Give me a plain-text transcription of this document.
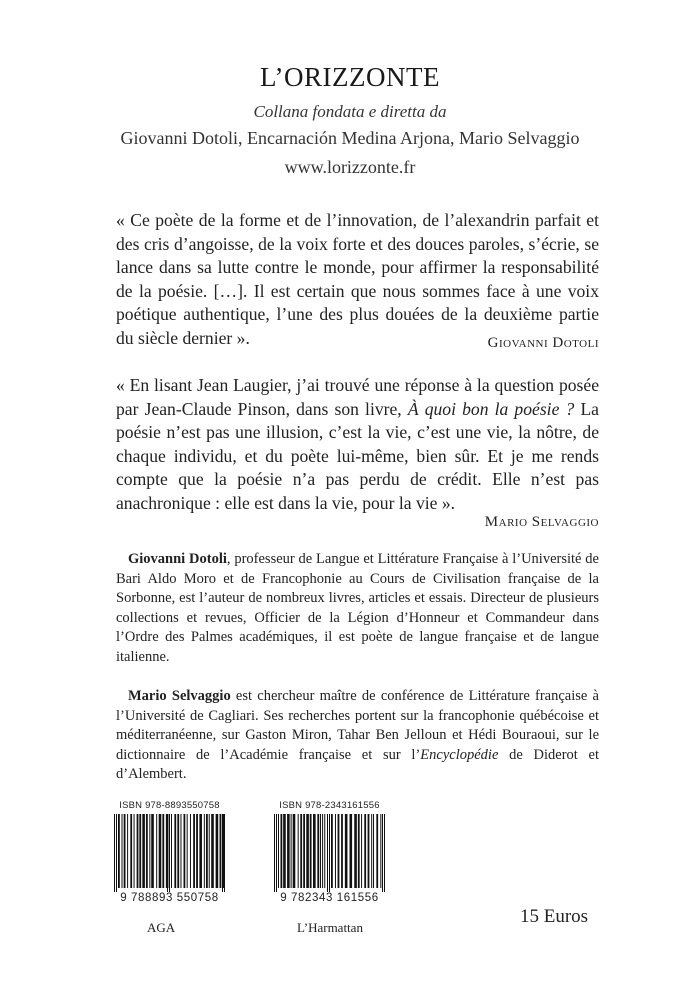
L’ORIZZONTE
Collana fondata e diretta da
Giovanni Dotoli, Encarnación Medina Arjona, Mario Selvaggio
www.lorizzonte.fr
« Ce poète de la forme et de l’innovation, de l’alexandrin parfait et des cris d’angoisse, de la voix forte et des douces paroles, s’écrie, se lance dans sa lutte contre le monde, pour affirmer la responsabilité de la poésie. […]. Il est certain que nous sommes face à une voix poétique authentique, l’une des plus douées de la deuxième partie du siècle dernier ».	Giovanni Dotoli
« En lisant Jean Laugier, j’ai trouvé une réponse à la question posée par Jean-Claude Pinson, dans son livre, À quoi bon la poésie ? La poésie n’est pas une illusion, c’est la vie, c’est une vie, la nôtre, de chaque individu, et du poète lui-même, bien sûr. Et je me rends compte que la poésie n’a pas perdu de crédit. Elle n’est pas anachronique : elle est dans la vie, pour la vie ».
Mario Selvaggio
Giovanni Dotoli, professeur de Langue et Littérature Française à l’Université de Bari Aldo Moro et de Francophonie au Cours de Civilisation française de la Sorbonne, est l’auteur de nombreux livres, articles et essais. Directeur de plusieurs collections et revues, Officier de la Légion d’Honneur et Commandeur dans l’Ordre des Palmes académiques, il est poète de langue française et de langue italienne.
Mario Selvaggio est chercheur maître de conférence de Littérature française à l’Université de Cagliari. Ses recherches portent sur la francophonie québécoise et méditerranéenne, sur Gaston Miron, Tahar Ben Jelloun et Hédi Bouraoui, sur le dictionnaire de l’Académie française et sur l’Encyclopédie de Diderot et d’Alembert.
ISBN 978-8893550758
9 788893 550758
ISBN 978-2343161556
9 782343 161556
AGA	L’Harmattan
15 Euros
